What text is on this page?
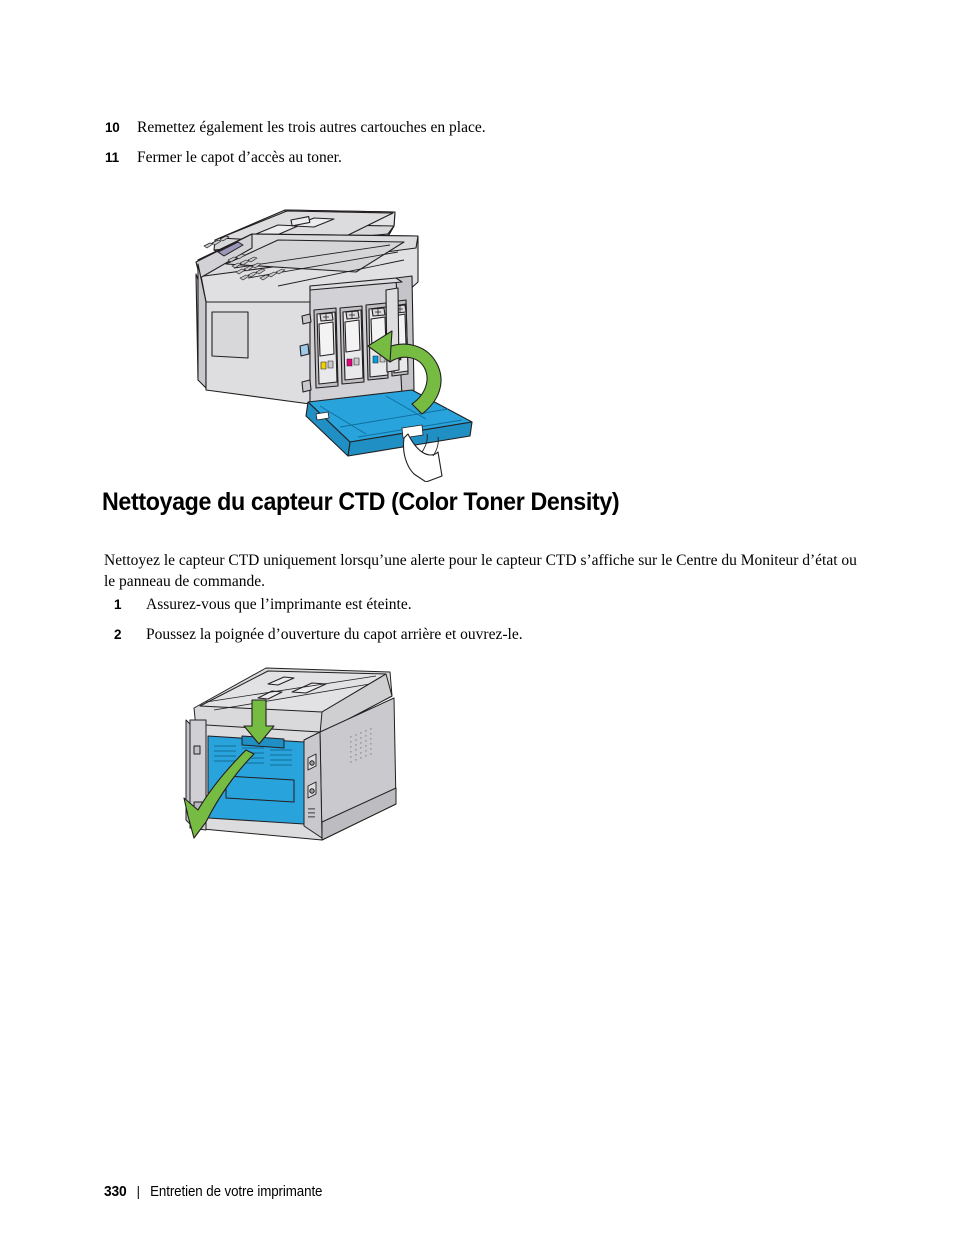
10	Remettez également les trois autres cartouches en place.
11	Fermer le capot d’accès au toner.
Nettoyage du capteur CTD (Color Toner Density)
Nettoyez le capteur CTD uniquement lorsqu’une alerte pour le capteur CTD s’affiche sur le Centre du Moniteur d’état ou le panneau de commande.
1	Assurez-vous que l’imprimante est éteinte.
2	Poussez la poignée d’ouverture du capot arrière et ouvrez-le.
330 | Entretien de votre imprimante
